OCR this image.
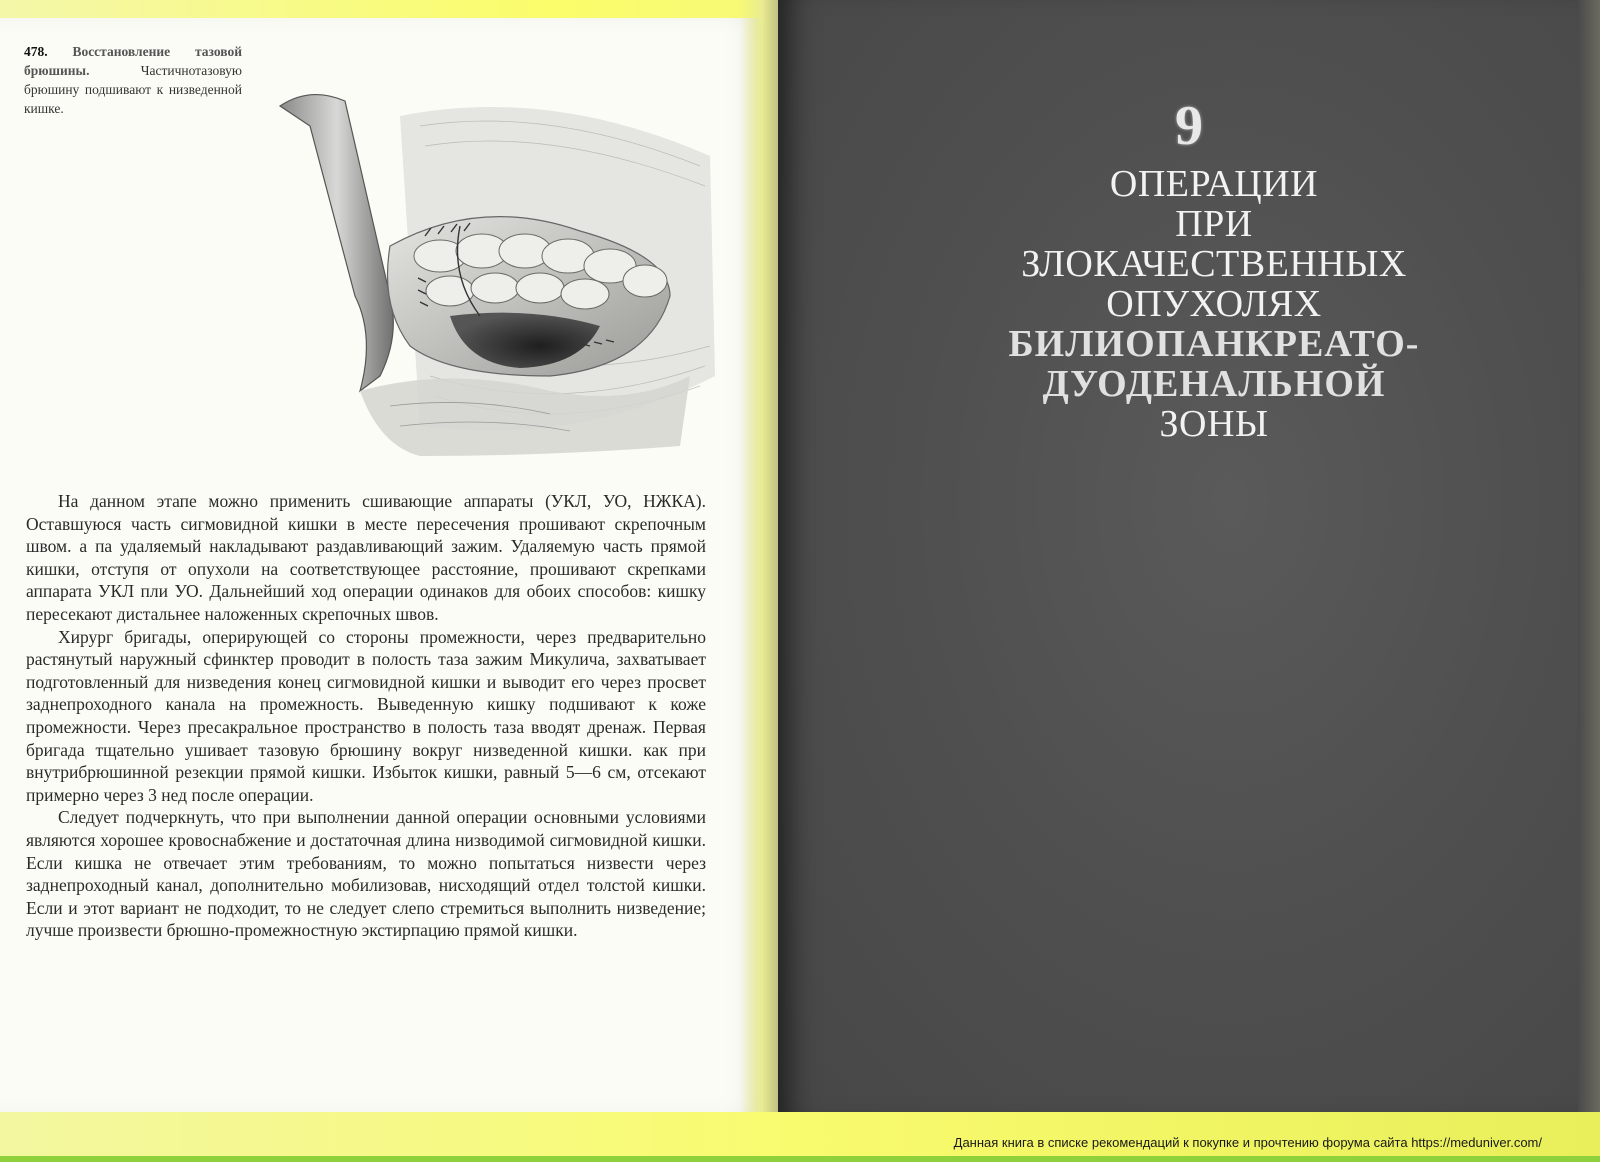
478. Восстановление тазовой брюшины.	Частичнотазовую брюшину подшивают к низведенной кишке.

На данном этапе можно применить сшивающие аппараты (УКЛ, УО, НЖКА). Оставшуюся часть сигмовидной кишки в месте пересечения прошивают скрепочным швом. а па удаляемый накладывают раздавливающий зажим. Удаляемую часть прямой кишки, отступя от опухоли на соответствующее расстояние, прошивают скрепками аппарата УКЛ пли УО. Дальнейший ход операции одинаков для обоих способов: кишку пересекают дистальнее наложенных скрепочных швов.

Хирург бригады, оперирующей со стороны промежности, через предварительно растянутый наружный сфинктер проводит в полость таза зажим Микулича, захватывает подготовленный для низведения конец сигмовидной кишки и выводит его через просвет заднепроходного канала на промежность. Выведенную кишку подшивают к коже промежности. Через пресакральное пространство в полость таза вводят дренаж. Первая бригада тщательно ушивает тазовую брюшину вокруг низведенной кишки. как при внутрибрюшинной резекции прямой кишки. Избыток кишки, равный 5—6 см, отсекают примерно через 3 нед после операции.

Следует подчеркнуть, что при выполнении данной операции основными условиями являются хорошее кровоснабжение и достаточная длина низводимой сигмовидной кишки. Если кишка не отвечает этим требованиям, то можно попытаться низвести через заднепроходный канал, дополнительно мобилизовав, нисходящий отдел толстой кишки. Если и этот вариант не подходит, то не следует слепо стремиться выполнить низведение; лучше произвести брюшно-промежностную экстирпацию прямой кишки.

9
ОПЕРАЦИИ
ПРИ
ЗЛОКАЧЕСТВЕННЫХ
ОПУХОЛЯХ
БИЛИОПАНКРЕАТО-
ДУОДЕНАЛЬНОЙ
ЗОНЫ
Данная книга в списке рекомендаций к покупке и прочтению форума сайта https://meduniver.com/
